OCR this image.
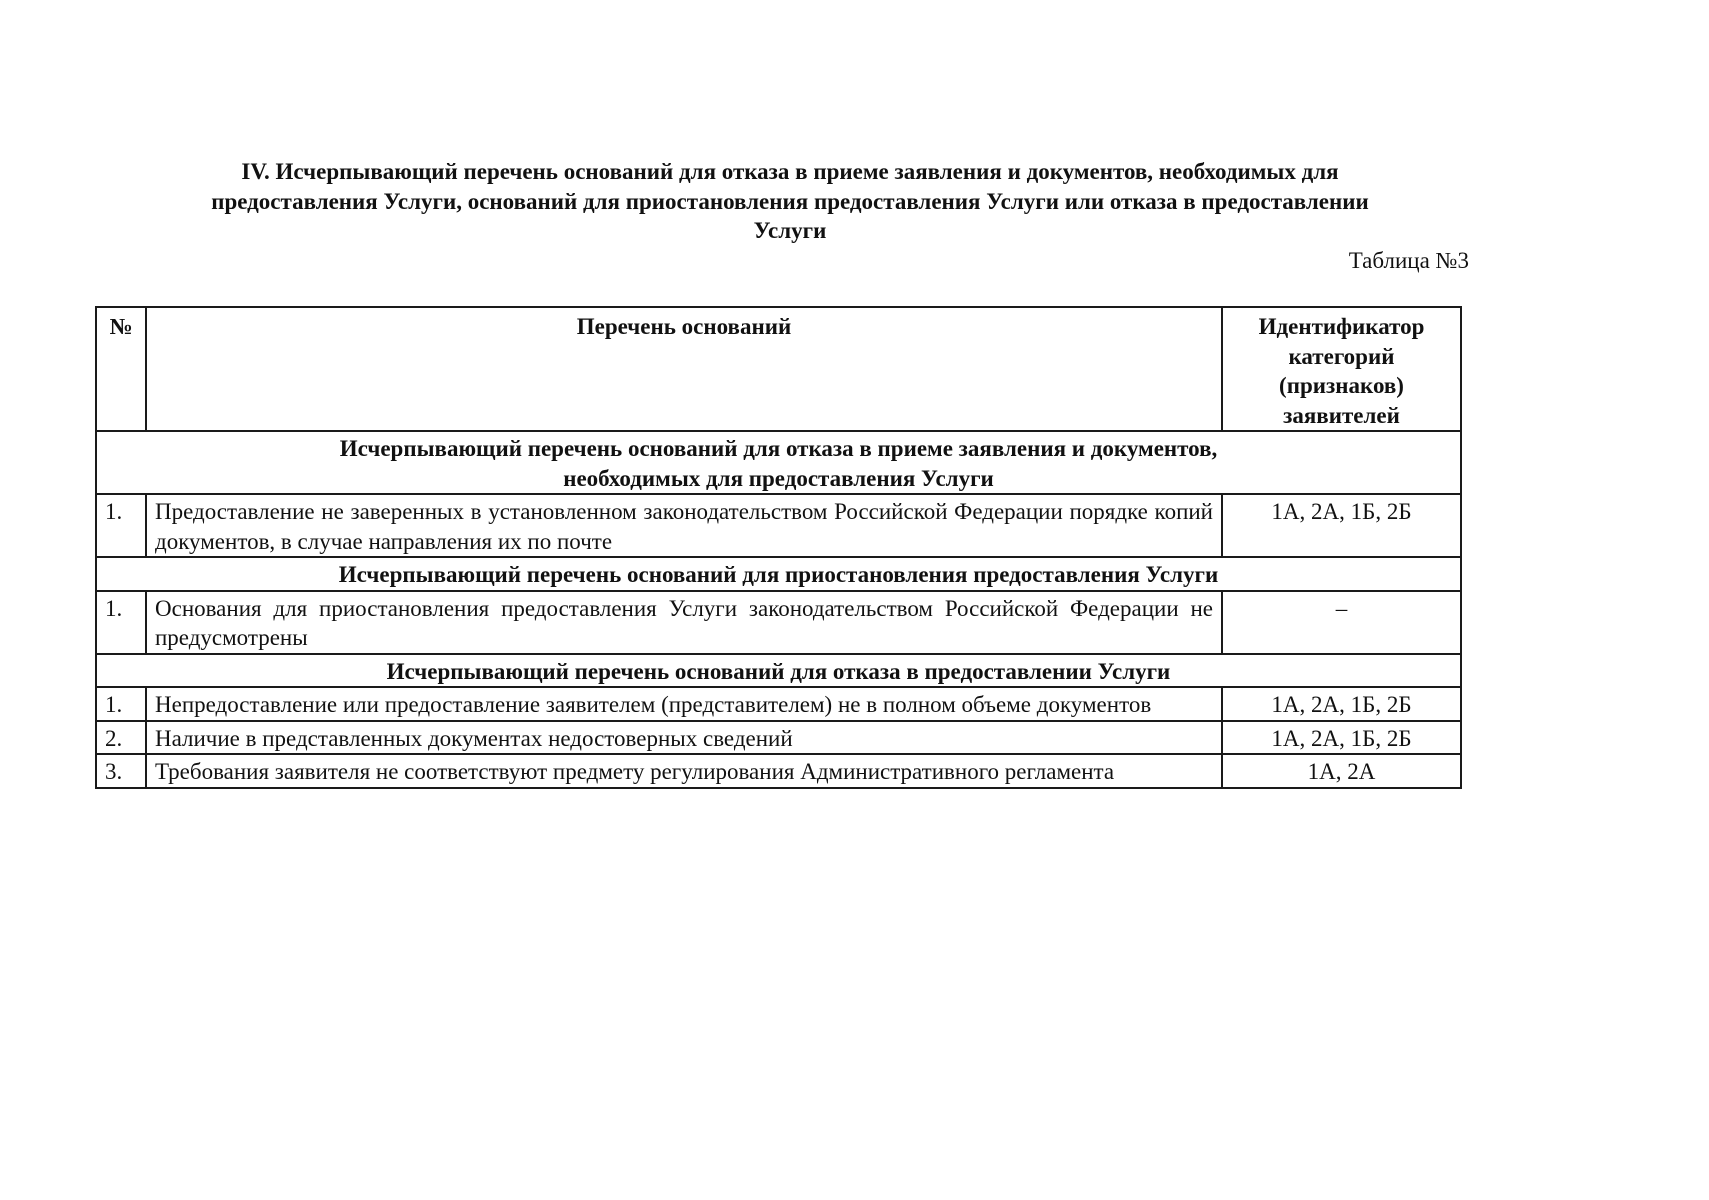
IV. Исчерпывающий перечень оснований для отказа в приеме заявления и документов, необходимых для
предоставления Услуги, оснований для приостановления предоставления Услуги или отказа в предоставлении
Услуги
Таблица №3
№	Перечень оснований	Идентификатор категорий (признаков) заявителей

Исчерпывающий перечень оснований для отказа в приеме заявления и документов,
необходимых для предоставления Услуги		

1.	Предоставление не заверенных в установленном законодательством Российской Федерации порядке копий документов, в случае направления их по почте	1А, 2А, 1Б, 2Б

Исчерпывающий перечень оснований для приостановления предоставления Услуги		

1.	Основания для приостановления предоставления Услуги законодательством Российской Федерации не предусмотрены	–

Исчерпывающий перечень оснований для отказа в предоставлении Услуги		

1.	Непредоставление или предоставление заявителем (представителем) не в полном объеме документов	1А, 2А, 1Б, 2Б
2.	Наличие в представленных документах недостоверных сведений	1А, 2А, 1Б, 2Б
3.	Требования заявителя не соответствуют предмету регулирования Административного регламента	1А, 2А
